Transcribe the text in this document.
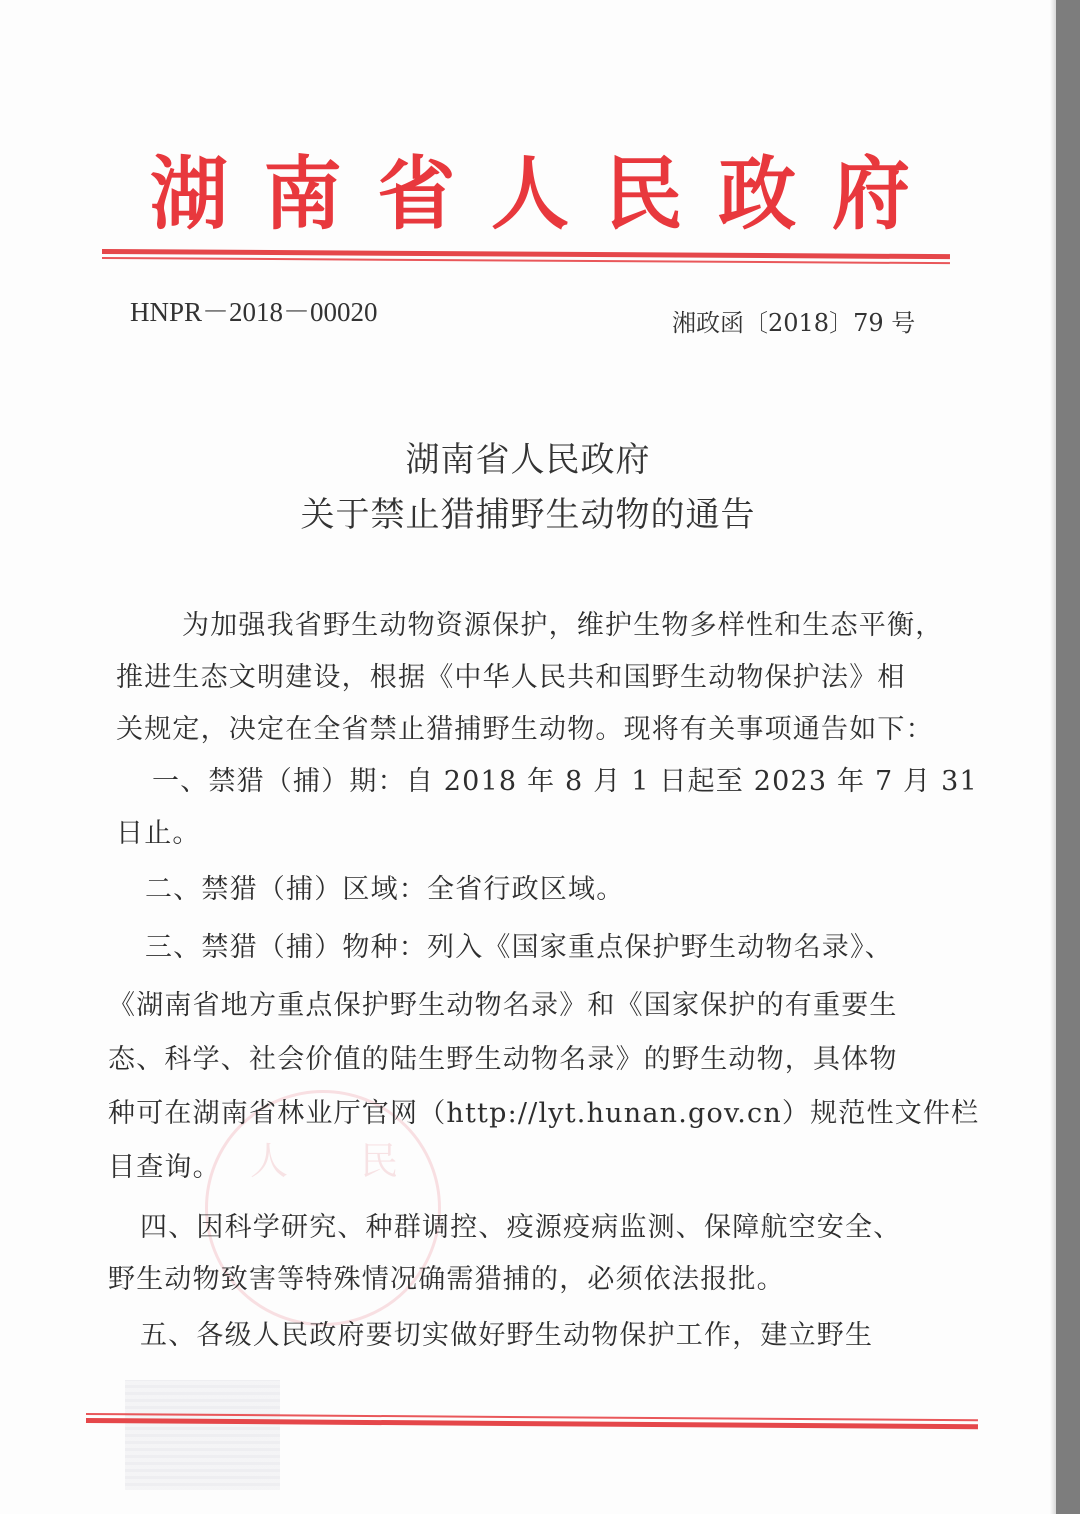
湖 南 省 人 民 政 府
HNPR－2018－00020	湘政函〔2018〕79 号
湖南省人民政府
关于禁止猎捕野生动物的通告
人 民
为加强我省野生动物资源保护，维护生物多样性和生态平衡，
推进生态文明建设，根据《中华人民共和国野生动物保护法》相
关规定，决定在全省禁止猎捕野生动物。现将有关事项通告如下：
一、禁猎（捕）期：自 2018 年 8 月 1 日起至 2023 年 7 月 31
日止。
二、禁猎（捕）区域：全省行政区域。
三、禁猎（捕）物种：列入《国家重点保护野生动物名录》、
《湖南省地方重点保护野生动物名录》和《国家保护的有重要生
态、科学、社会价值的陆生野生动物名录》的野生动物，具体物
种可在湖南省林业厅官网（http://lyt.hunan.gov.cn）规范性文件栏
目查询。
四、因科学研究、种群调控、疫源疫病监测、保障航空安全、
野生动物致害等特殊情况确需猎捕的，必须依法报批。
五、各级人民政府要切实做好野生动物保护工作，建立野生
